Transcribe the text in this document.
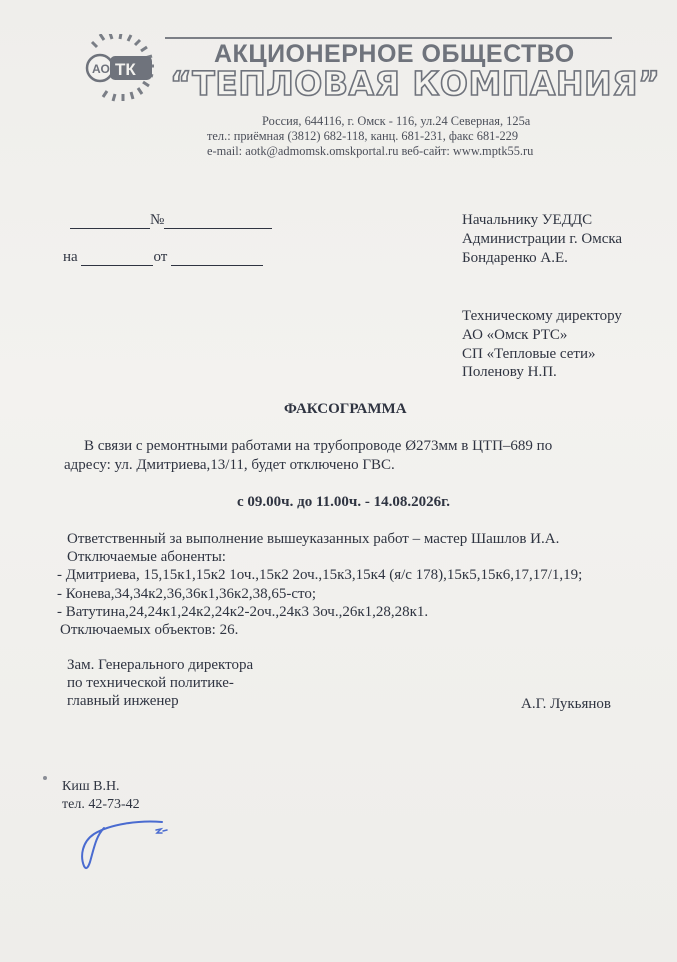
АО ТК
АКЦИОНЕРНОЕ ОБЩЕСТВО
“ТЕПЛОВАЯ КОМПАНИЯ”
Россия, 644116, г. Омск - 116, ул.24 Северная, 125а
тел.: приёмная (3812) 682-118, канц. 681-231, факс 681-229
e-mail: aotk@admomsk.omskportal.ru веб-сайт: www.mptk55.ru
№
на	от
Начальнику УЕДДС
Администрации г. Омска
Бондаренко А.Е.
Техническому директору
АО «Омск РТС»
СП «Тепловые сети»
Поленову Н.П.
ФАКСОГРАММА
В связи с ремонтными работами на трубопроводе Ø273мм в ЦТП–689 по
адресу: ул. Дмитриева,13/11, будет отключено ГВС.
с 09.00ч. до 11.00ч. - 14.08.2026г.
Ответственный за выполнение вышеуказанных работ – мастер Шашлов И.А.
Отключаемые абоненты:
- Дмитриева, 15,15к1,15к2 1оч.,15к2 2оч.,15к3,15к4 (я/с 178),15к5,15к6,17,17/1,19;
- Конева,34,34к2,36,36к1,36к2,38,65-сто;
- Ватутина,24,24к1,24к2,24к2-2оч.,24к3 3оч.,26к1,28,28к1.
Отключаемых объектов: 26.
Зам. Генерального директора
по технической политике-
главный инженер	А.Г. Лукьянов
Киш В.Н.
тел. 42-73-42
